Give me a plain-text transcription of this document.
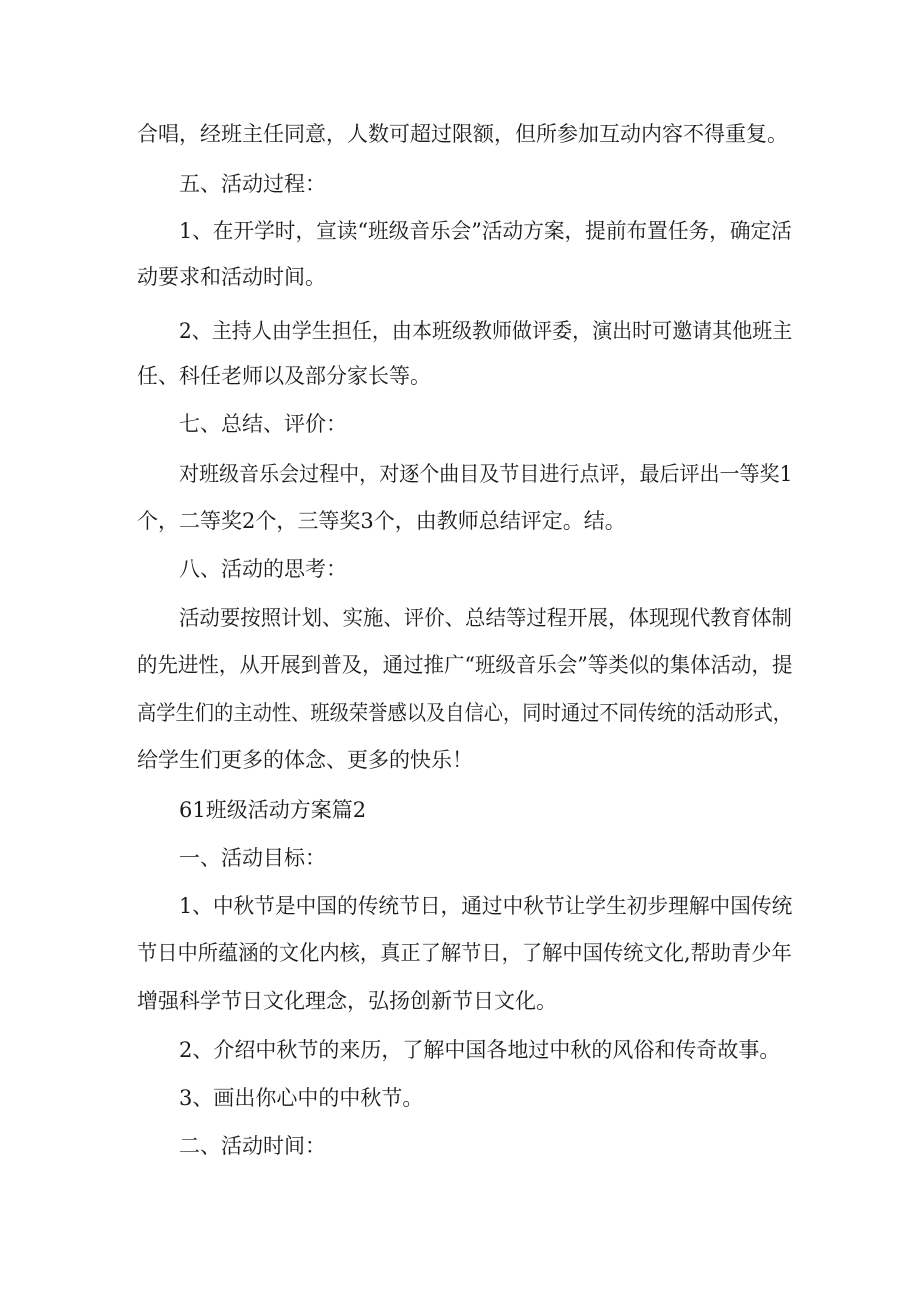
合唱，经班主任同意，人数可超过限额，但所参加互动内容不得重复。
五、活动过程：
1、在开学时，宣读“班级音乐会”活动方案，提前布置任务，确定活
动要求和活动时间。
2、主持人由学生担任，由本班级教师做评委，演出时可邀请其他班主
任、科任老师以及部分家长等。
七、总结、评价：
对班级音乐会过程中，对逐个曲目及节目进行点评，最后评出一等奖1
个，二等奖2个，三等奖3个，由教师总结评定。结。
八、活动的思考：
活动要按照计划、实施、评价、总结等过程开展，体现现代教育体制
的先进性，从开展到普及，通过推广“班级音乐会”等类似的集体活动，提
高学生们的主动性、班级荣誉感以及自信心，同时通过不同传统的活动形式，
给学生们更多的体念、更多的快乐！
61班级活动方案篇2
一、活动目标：
1、中秋节是中国的传统节日，通过中秋节让学生初步理解中国传统
节日中所蕴涵的文化内核，真正了解节日，了解中国传统文化,帮助青少年
增强科学节日文化理念，弘扬创新节日文化。
2、介绍中秋节的来历，了解中国各地过中秋的风俗和传奇故事。
3、画出你心中的中秋节。
二、活动时间：
